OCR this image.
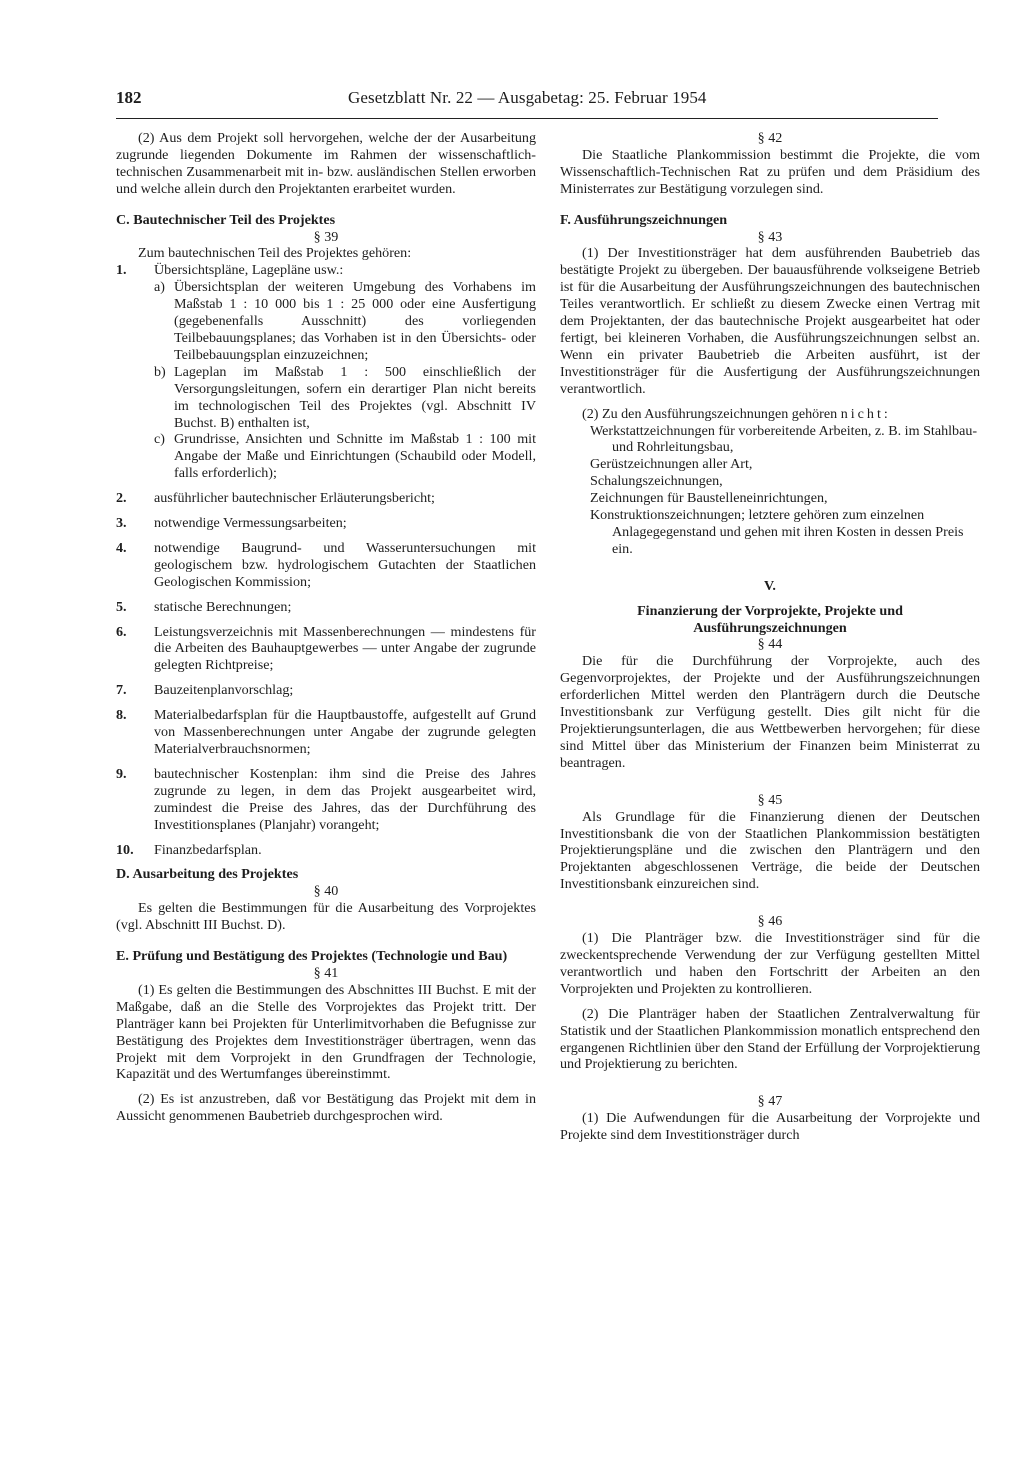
182	Gesetzblatt Nr. 22 — Ausgabetag: 25. Februar 1954

(2) Aus dem Projekt soll hervorgehen, welche der der Ausarbeitung zugrunde liegenden Dokumente im Rahmen der wissenschaftlich-technischen Zusammenarbeit mit in- bzw. ausländischen Stellen erworben und welche allein durch den Projektanten erarbeitet wurden.

C. Bautechnischer Teil des Projektes

§ 39

Zum bautechnischen Teil des Projektes gehören:

1. Übersichtspläne, Lagepläne usw.:
a) Übersichtsplan der weiteren Umgebung des Vorhabens im Maßstab 1 : 10 000 bis 1 : 25 000 oder eine Ausfertigung (gegebenenfalls Ausschnitt) des vorliegenden Teilbebauungsplanes; das Vorhaben ist in den Übersichts- oder Teilbebauungsplan einzuzeichnen;
b) Lageplan im Maßstab 1 : 500 einschließlich der Versorgungsleitungen, sofern ein derartiger Plan nicht bereits im technologischen Teil des Projektes (vgl. Abschnitt IV Buchst. B) enthalten ist,
c) Grundrisse, Ansichten und Schnitte im Maßstab 1 : 100 mit Angabe der Maße und Einrichtungen (Schaubild oder Modell, falls erforderlich);
2. ausführlicher bautechnischer Erläuterungsbericht;
3. notwendige Vermessungsarbeiten;
4. notwendige Baugrund- und Wasseruntersuchungen mit geologischem bzw. hydrologischem Gutachten der Staatlichen Geologischen Kommission;
5. statische Berechnungen;
6. Leistungsverzeichnis mit Massenberechnungen — mindestens für die Arbeiten des Bauhauptgewerbes — unter Angabe der zugrunde gelegten Richtpreise;
7. Bauzeitenplanvorschlag;
8. Materialbedarfsplan für die Hauptbaustoffe, aufgestellt auf Grund von Massenberechnungen unter Angabe der zugrunde gelegten Materialverbrauchsnormen;
9. bautechnischer Kostenplan: ihm sind die Preise des Jahres zugrunde zu legen, in dem das Projekt ausgearbeitet wird, zumindest die Preise des Jahres, das der Durchführung des Investitionsplanes (Planjahr) vorangeht;
10. Finanzbedarfsplan.

D. Ausarbeitung des Projektes

§ 40

Es gelten die Bestimmungen für die Ausarbeitung des Vorprojektes (vgl. Abschnitt III Buchst. D).

E. Prüfung und Bestätigung des Projektes (Technologie und Bau)

§ 41

(1) Es gelten die Bestimmungen des Abschnittes III Buchst. E mit der Maßgabe, daß an die Stelle des Vorprojektes das Projekt tritt. Der Planträger kann bei Projekten für Unterlimitvorhaben die Befugnisse zur Bestätigung des Projektes dem Investitionsträger übertragen, wenn das Projekt mit dem Vorprojekt in den Grundfragen der Technologie, Kapazität und des Wertumfanges übereinstimmt.

(2) Es ist anzustreben, daß vor Bestätigung das Projekt mit dem in Aussicht genommenen Baubetrieb durchgesprochen wird.

§ 42

Die Staatliche Plankommission bestimmt die Projekte, die vom Wissenschaftlich-Technischen Rat zu prüfen und dem Präsidium des Ministerrates zur Bestätigung vorzulegen sind.

F. Ausführungszeichnungen

§ 43

(1) Der Investitionsträger hat dem ausführenden Baubetrieb das bestätigte Projekt zu übergeben. Der bauausführende volkseigene Betrieb ist für die Ausarbeitung der Ausführungszeichnungen des bautechnischen Teiles verantwortlich. Er schließt zu diesem Zwecke einen Vertrag mit dem Projektanten, der das bautechnische Projekt ausgearbeitet hat oder fertigt, bei kleineren Vorhaben, die Ausführungszeichnungen selbst an. Wenn ein privater Baubetrieb die Arbeiten ausführt, ist der Investitionsträger für die Ausfertigung der Ausführungszeichnungen verantwortlich.

(2) Zu den Ausführungszeichnungen gehören nicht:

Werkstattzeichnungen für vorbereitende Arbeiten, z. B. im Stahlbau- und Rohrleitungsbau,

Gerüstzeichnungen aller Art,

Schalungszeichnungen,

Zeichnungen für Baustelleneinrichtungen,

Konstruktionszeichnungen; letztere gehören zum einzelnen Anlagegegenstand und gehen mit ihren Kosten in dessen Preis ein.

V.

Finanzierung der Vorprojekte, Projekte und Ausführungszeichnungen

§ 44

Die für die Durchführung der Vorprojekte, auch des Gegenvorprojektes, der Projekte und der Ausführungszeichnungen erforderlichen Mittel werden den Planträgern durch die Deutsche Investitionsbank zur Verfügung gestellt. Dies gilt nicht für die Projektierungsunterlagen, die aus Wettbewerben hervorgehen; für diese sind Mittel über das Ministerium der Finanzen beim Ministerrat zu beantragen.

§ 45

Als Grundlage für die Finanzierung dienen der Deutschen Investitionsbank die von der Staatlichen Plankommission bestätigten Projektierungspläne und die zwischen den Planträgern und den Projektanten abgeschlossenen Verträge, die beide der Deutschen Investitionsbank einzureichen sind.

§ 46

(1) Die Planträger bzw. die Investitionsträger sind für die zweckentsprechende Verwendung der zur Verfügung gestellten Mittel verantwortlich und haben den Fortschritt der Arbeiten an den Vorprojekten und Projekten zu kontrollieren.

(2) Die Planträger haben der Staatlichen Zentralverwaltung für Statistik und der Staatlichen Plankommission monatlich entsprechend den ergangenen Richtlinien über den Stand der Erfüllung der Vorprojektierung und Projektierung zu berichten.

§ 47

(1) Die Aufwendungen für die Ausarbeitung der Vorprojekte und Projekte sind dem Investitionsträger durch
